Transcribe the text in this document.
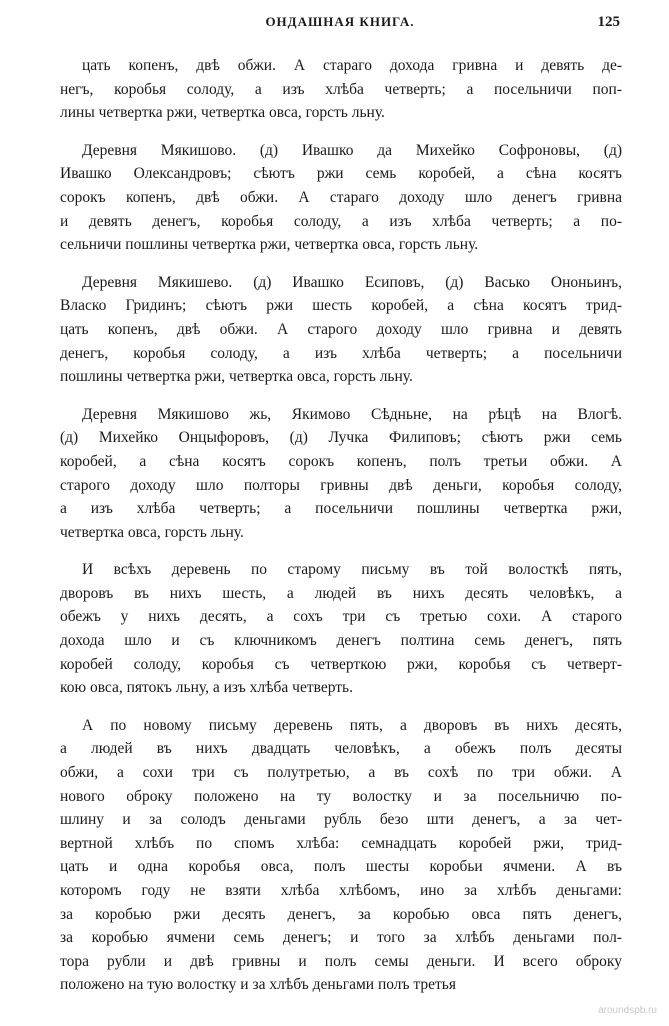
ОНДАШНАЯ КНИГА.	125
цать копенъ, двѣ обжи. А стараго дохода гривна и девять де-
негъ, коробья солоду, а изъ хлѣба четверть; а посельничи поп-
лины четвертка ржи, четвертка овса, горсть льну.
Деревня Мякишово. (д) Ивашко да Михейко Софроновы, (д)
Ивашко Олександровъ; сѣютъ ржи семь коробей, а сѣна косятъ
сорокъ копенъ, двѣ обжи. А стараго доходу шло денегъ гривна
и девять денегъ, коробья солоду, а изъ хлѣба четверть; а по-
сельничи пошлины четвертка ржи, четвертка овса, горсть льну.
Деревня Мякишево. (д) Ивашко Есиповъ, (д) Васько Ононьинъ,
Власко Гридинъ; сѣютъ ржи шесть коробей, а сѣна косятъ трид-
цать копенъ, двѣ обжи. А старого доходу шло гривна и девять
денегъ, коробья солоду, а изъ хлѣба четверть; а посельничи
пошлины четвертка ржи, четвертка овса, горсть льну.
Деревня Мякишово жь, Якимово Сѣдньне, на рѣцѣ на Влогѣ.
(д) Михейко Онцыфоровъ, (д) Лучка Филиповъ; сѣютъ ржи семь
коробей, а сѣна косятъ сорокъ копенъ, полъ третьи обжи. А
старого доходу шло полторы гривны двѣ деньги, коробья солоду,
а изъ хлѣба четверть; а посельничи пошлины четвертка ржи,
четвертка овса, горсть льну.
И всѣхъ деревень по старому письму въ той волосткѣ пять,
дворовъ въ нихъ шесть, а людей въ нихъ десять человѣкъ, а
обежъ у нихъ десять, а сохъ три съ третью сохи. А старого
дохода шло и съ ключникомъ денегъ полтина семь денегъ, пять
коробей солоду, коробья съ четверткою ржи, коробья съ четверт-
кою овса, пятокъ льну, а изъ хлѣба четверть.
А по новому письму деревень пять, а дворовъ въ нихъ десять,
а людей въ нихъ двадцать человѣкъ, а обежъ полъ десяты
обжи, а сохи три съ полутретью, а въ сохѣ по три обжи. А
нового оброку положено на ту волостку и за посельничю по-
шлину и за солодъ деньгами рубль безо шти денегъ, а за чет-
вертной хлѣбъ по спомъ хлѣба: семнадцать коробей ржи, трид-
цать и одна коробья овса, полъ шесты коробьи ячмени. А въ
которомъ году не взяти хлѣба хлѣбомъ, ино за хлѣбъ деньгами:
за коробью ржи десять денегъ, за коробью овса пять денегъ,
за коробью ячмени семь денегъ; и того за хлѣбъ деньгами пол-
тора рубли и двѣ гривны и полъ семы деньги. И всего оброку
положено на тую волостку и за хлѣбъ деньгами полъ третья
aroundspb.ru
